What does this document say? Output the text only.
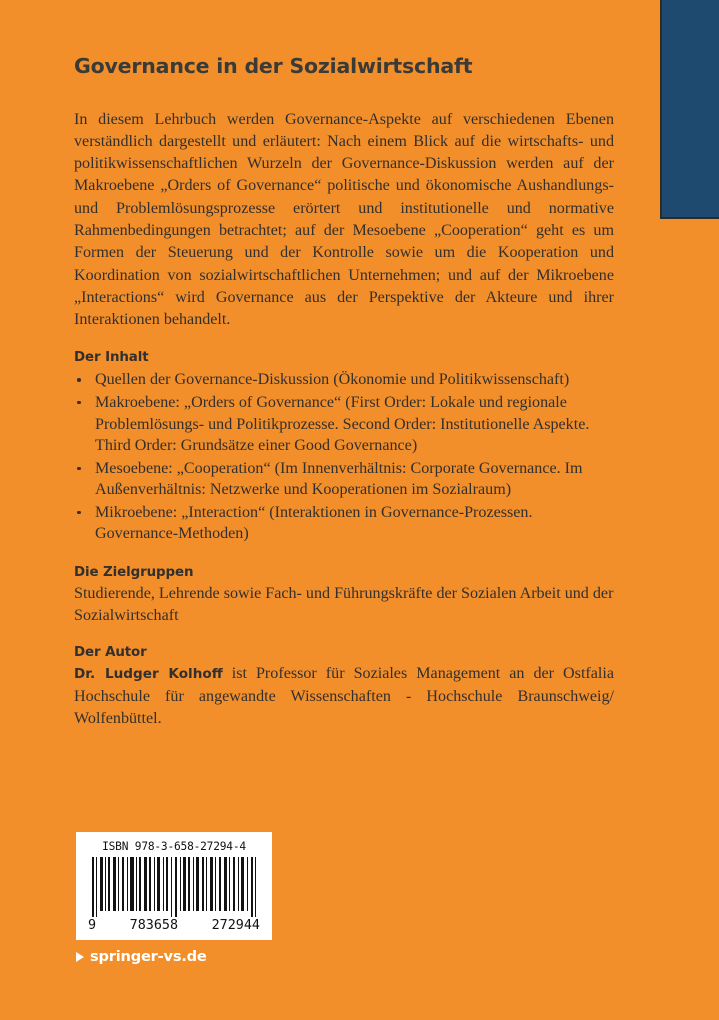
Governance in der Sozialwirtschaft

In diesem Lehrbuch werden Governance-Aspekte auf verschiedenen Ebenen verständlich dargestellt und erläutert: Nach einem Blick auf die wirtschafts- und politikwissenschaftlichen Wurzeln der Governance-Diskussion werden auf der Makroebene „Orders of Governance“ politische und ökonomische Aushandlungs- und Problemlösungsprozesse erörtert und institutionelle und normative Rahmenbedingungen betrachtet; auf der Mesoebene „Cooperation“ geht es um Formen der Steuerung und der Kontrolle sowie um die Kooperation und Koordination von sozialwirtschaftlichen Unternehmen; und auf der Mikroebene „Interactions“ wird Governance aus der Perspektive der Akteure und ihrer Interaktionen behandelt.

Der Inhalt
Quellen der Governance-Diskussion (Ökonomie und Politikwissenschaft)
Makroebene: „Orders of Governance“ (First Order: Lokale und regionale Problemlösungs- und Politikprozesse. Second Order: Institutionelle Aspekte. Third Order: Grundsätze einer Good Governance)
Mesoebene: „Cooperation“ (Im Innenverhältnis: Corporate Governance. Im Außenverhältnis: Netzwerke und Kooperationen im Sozialraum)
Mikroebene: „Interaction“ (Interaktionen in Governance-Prozessen. Governance-Methoden)
Die Zielgruppen

Studierende, Lehrende sowie Fach- und Führungskräfte der Sozialen Arbeit und der Sozialwirtschaft

Der Autor

Dr. Ludger Kolhoff ist Professor für Soziales Management an der Ostfalia Hochschule für angewandte Wissenschaften - Hochschule Braunschweig/ Wolfenbüttel.

ISBN 978-3-658-27294-4

9	783658	272944
springer-vs.de
